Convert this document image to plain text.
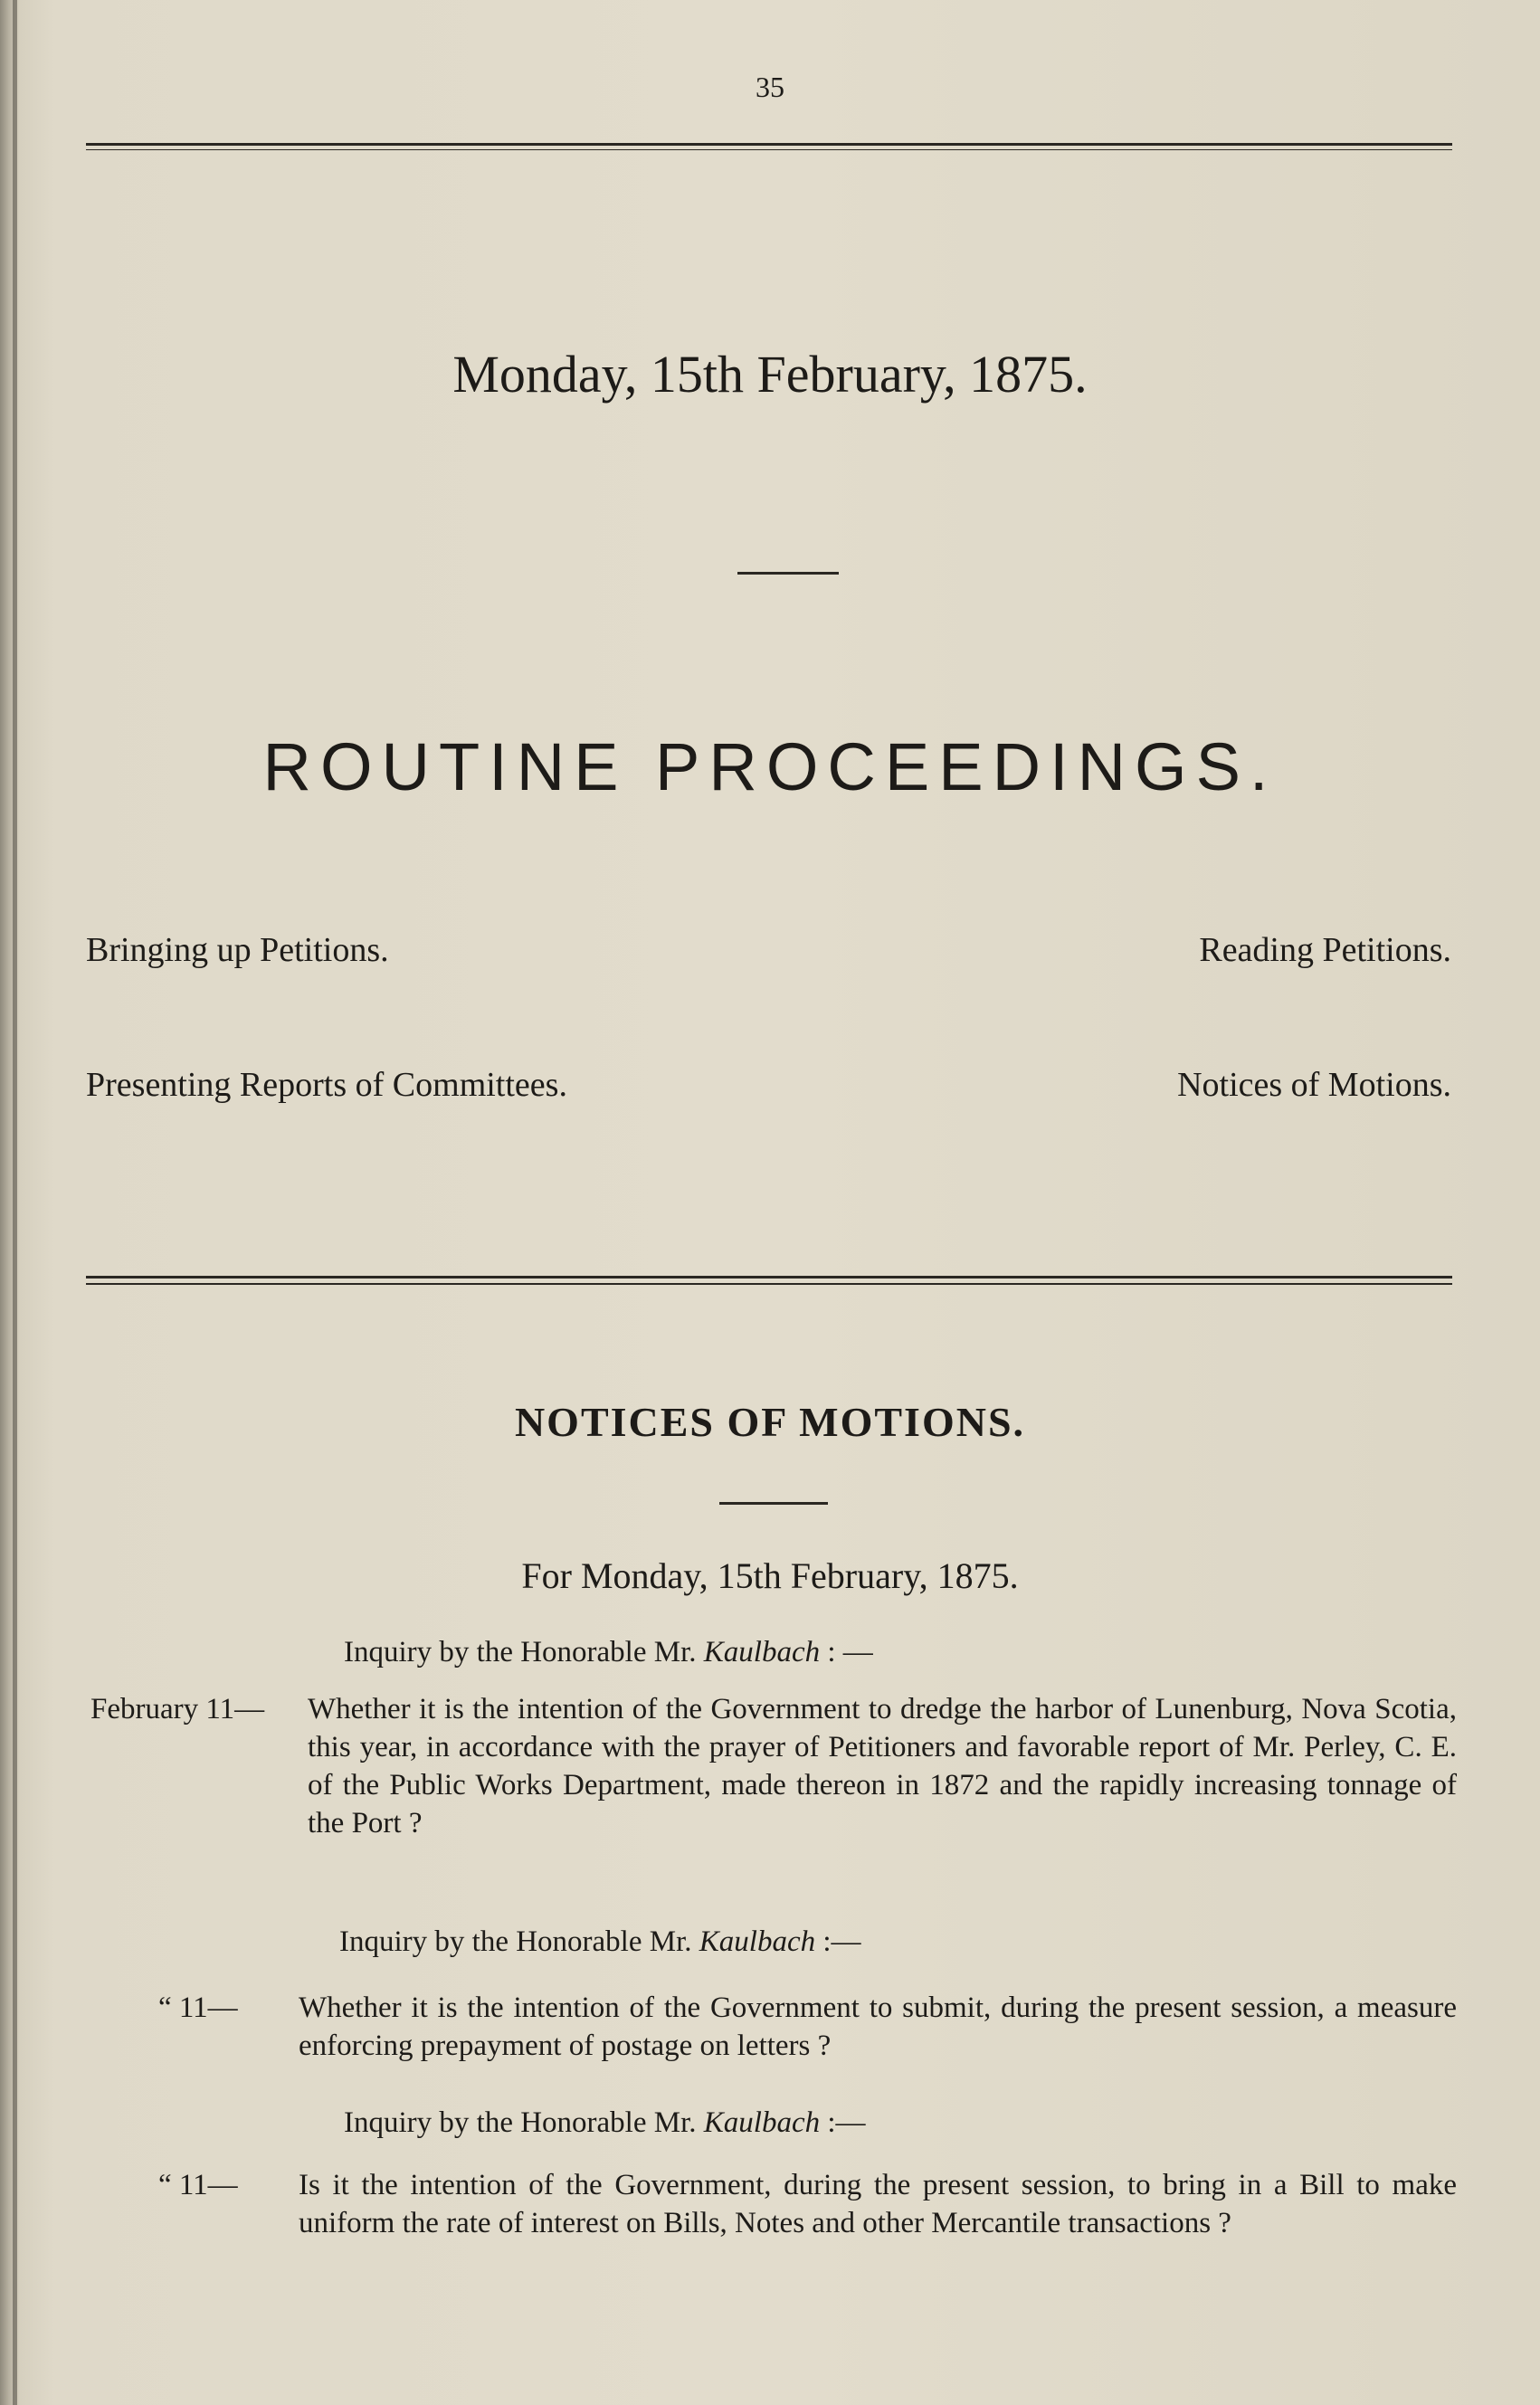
35
Monday, 15th February, 1875.
ROUTINE PROCEEDINGS.
Bringing up Petitions.	Reading Petitions.
Presenting Reports of Committees.	Notices of Motions.
NOTICES OF MOTIONS.
For Monday, 15th February, 1875.
Inquiry by the Honorable Mr. Kaulbach : —
February 11— Whether it is the intention of the Government to dredge the harbor of Lunenburg, Nova Scotia, this year, in accordance with the prayer of Petitioners and favorable report of Mr. Perley, C. E. of the Public Works Department, made thereon in 1872 and the rapidly increasing tonnage of the Port ?
Inquiry by the Honorable Mr. Kaulbach :—
“ 11— Whether it is the intention of the Government to submit, during the present session, a measure enforcing prepayment of postage on letters ?
Inquiry by the Honorable Mr. Kaulbach :—
“ 11— Is it the intention of the Government, during the present session, to bring in a Bill to make uniform the rate of interest on Bills, Notes and other Mercantile transactions ?
